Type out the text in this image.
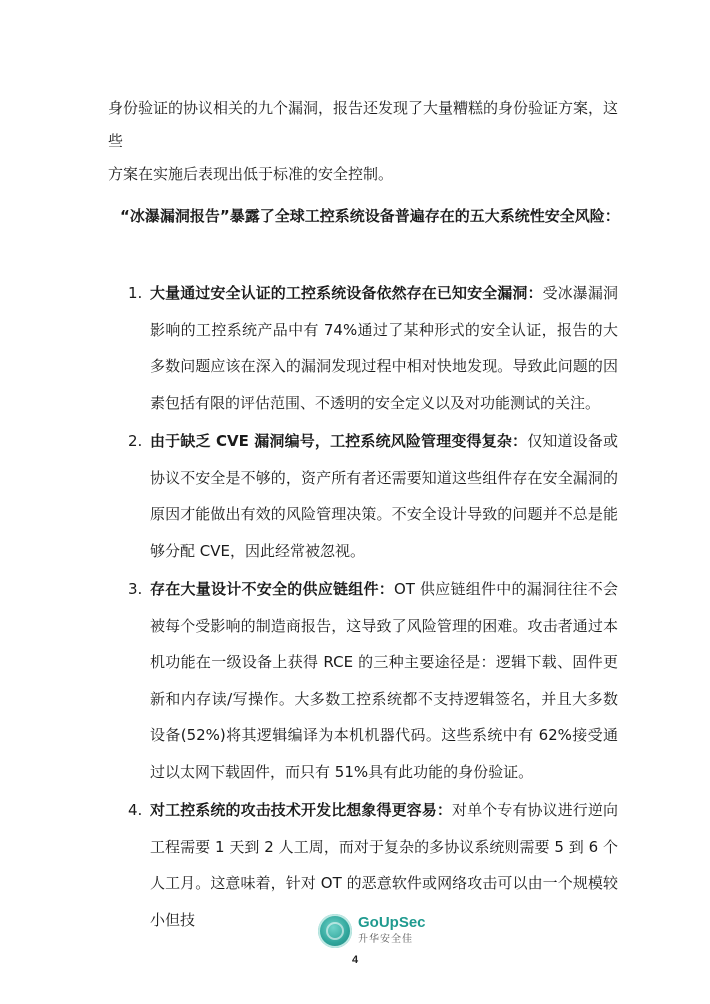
身份验证的协议相关的九个漏洞，报告还发现了大量糟糕的身份验证方案，这些
方案在实施后表现出低于标准的安全控制。
“冰瀑漏洞报告”暴露了全球工控系统设备普遍存在的五大系统性安全风险：
1. 大量通过安全认证的工控系统设备依然存在已知安全漏洞：受冰瀑漏洞影响的工控系统产品中有 74%通过了某种形式的安全认证，报告的大多数问题应该在深入的漏洞发现过程中相对快地发现。导致此问题的因素包括有限的评估范围、不透明的安全定义以及对功能测试的关注。
2. 由于缺乏 CVE 漏洞编号，工控系统风险管理变得复杂：仅知道设备或协议不安全是不够的，资产所有者还需要知道这些组件存在安全漏洞的原因才能做出有效的风险管理决策。不安全设计导致的问题并不总是能够分配 CVE，因此经常被忽视。
3. 存在大量设计不安全的供应链组件：OT 供应链组件中的漏洞往往不会被每个受影响的制造商报告，这导致了风险管理的困难。攻击者通过本机功能在一级设备上获得 RCE 的三种主要途径是：逻辑下载、固件更新和内存读/写操作。大多数工控系统都不支持逻辑签名，并且大多数设备(52%)将其逻辑编译为本机机器代码。这些系统中有 62%接受通过以太网下载固件，而只有 51%具有此功能的身份验证。
4. 对工控系统的攻击技术开发比想象得更容易：对单个专有协议进行逆向工程需要 1 天到 2 人工周，而对于复杂的多协议系统则需要 5 到 6 个人工月。这意味着，针对 OT 的恶意软件或网络攻击可以由一个规模较小但技	GoUpSec
升华安全佳
4
